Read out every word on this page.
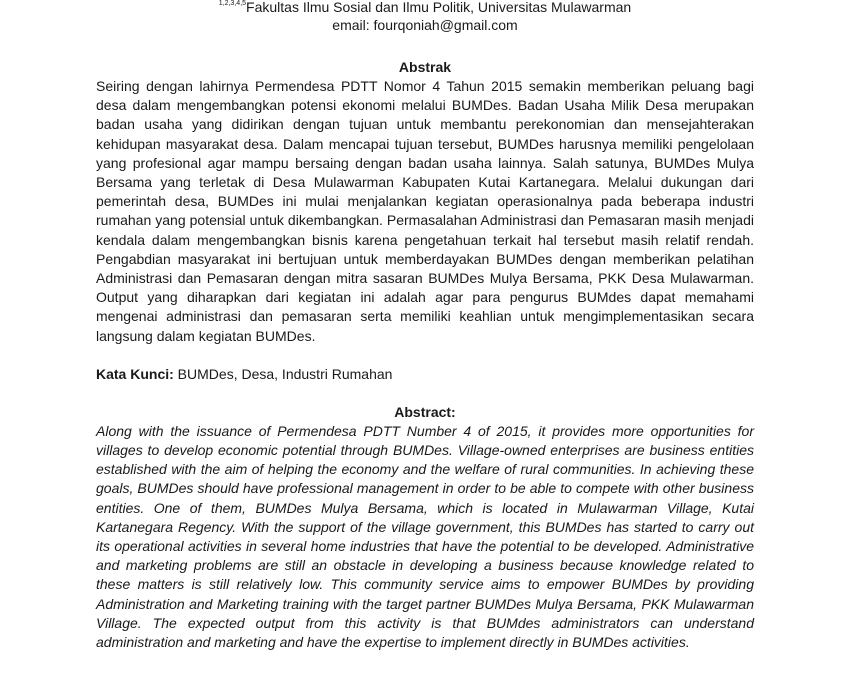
$^{1,2,3,4,5}$Fakultas Ilmu Sosial dan Ilmu Politik, Universitas Mulawarman
email: fourqoniah@gmail.com
Abstrak

Seiring dengan lahirnya Permendesa PDTT Nomor 4 Tahun 2015 semakin memberikan peluang bagi desa dalam mengembangkan potensi ekonomi melalui BUMDes. Badan Usaha Milik Desa merupakan badan usaha yang didirikan dengan tujuan untuk membantu perekonomian dan mensejahterakan kehidupan masyarakat desa. Dalam mencapai tujuan tersebut, BUMDes harusnya memiliki pengelolaan yang profesional agar mampu bersaing dengan badan usaha lainnya. Salah satunya, BUMDes Mulya Bersama yang terletak di Desa Mulawarman Kabupaten Kutai Kartanegara. Melalui dukungan dari pemerintah desa, BUMDes ini mulai menjalankan kegiatan operasionalnya pada beberapa industri rumahan yang potensial untuk dikembangkan. Permasalahan Administrasi dan Pemasaran masih menjadi kendala dalam mengembangkan bisnis karena pengetahuan terkait hal tersebut masih relatif rendah. Pengabdian masyarakat ini bertujuan untuk memberdayakan BUMDes dengan memberikan pelatihan Administrasi dan Pemasaran dengan mitra sasaran BUMDes Mulya Bersama, PKK Desa Mulawarman. Output yang diharapkan dari kegiatan ini adalah agar para pengurus BUMdes dapat memahami mengenai administrasi dan pemasaran serta memiliki keahlian untuk mengimplementasikan secara langsung dalam kegiatan BUMDes.

Kata Kunci: BUMDes, Desa, Industri Rumahan
Abstract:

Along with the issuance of Permendesa PDTT Number 4 of 2015, it provides more opportunities for villages to develop economic potential through BUMDes. Village-owned enterprises are business entities established with the aim of helping the economy and the welfare of rural communities. In achieving these goals, BUMDes should have professional management in order to be able to compete with other business entities. One of them, BUMDes Mulya Bersama, which is located in Mulawarman Village, Kutai Kartanegara Regency. With the support of the village government, this BUMDes has started to carry out its operational activities in several home industries that have the potential to be developed. Administrative and marketing problems are still an obstacle in developing a business because knowledge related to these matters is still relatively low. This community service aims to empower BUMDes by providing Administration and Marketing training with the target partner BUMDes Mulya Bersama, PKK Mulawarman Village. The expected output from this activity is that BUMdes administrators can understand administration and marketing and have the expertise to implement directly in BUMDes activities.
